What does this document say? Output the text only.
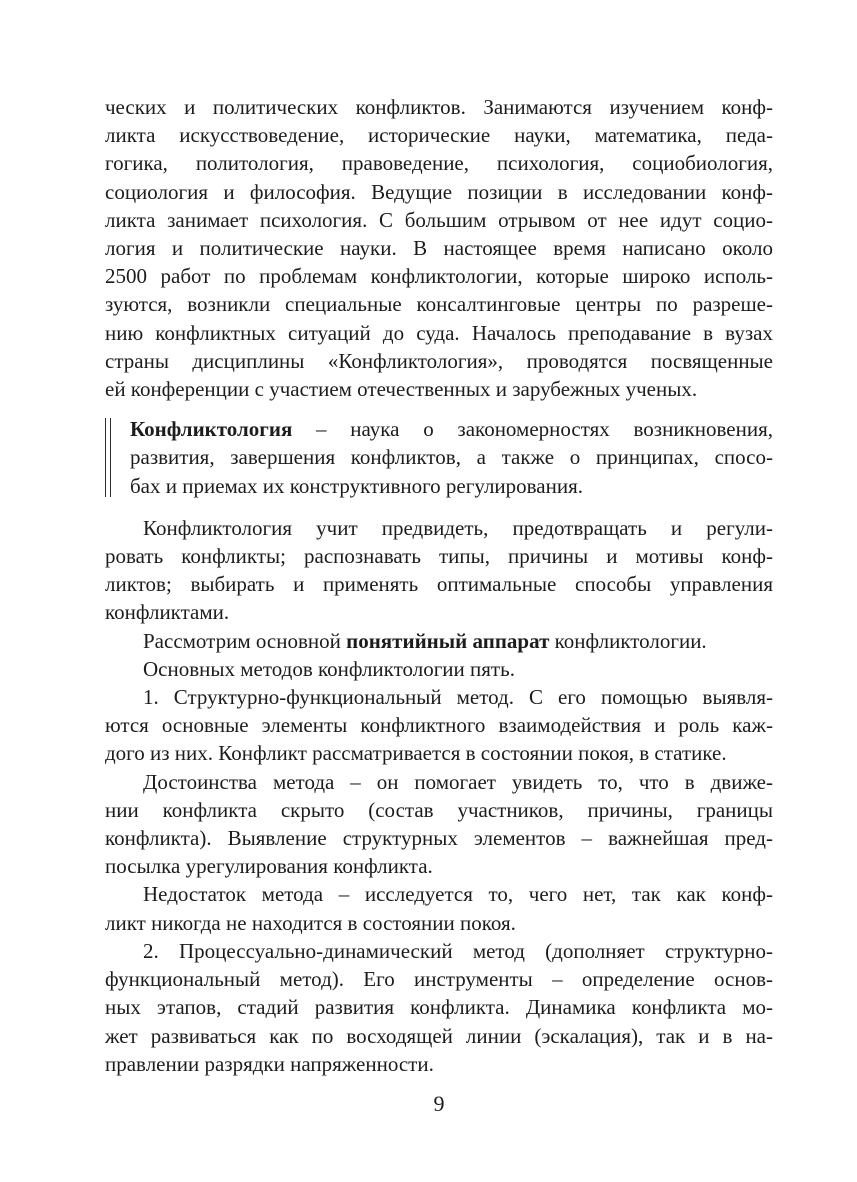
ческих и политических конфликтов. Занимаются изучением конф-
ликта искусствоведение, исторические науки, математика, педа-
гогика, политология, правоведение, психология, социобиология,
социология и философия. Ведущие позиции в исследовании конф-
ликта занимает психология. С большим отрывом от нее идут социо-
логия и политические науки. В настоящее время написано около
2500 работ по проблемам конфликтологии, которые широко исполь-
зуются, возникли специальные консалтинговые центры по разреше-
нию конфликтных ситуаций до суда. Началось преподавание в вузах
страны дисциплины «Конфликтология», проводятся посвященные
ей конференции с участием отечественных и зарубежных ученых.
Конфликтология – наука о закономерностях возникновения,
развития, завершения конфликтов, а также о принципах, спосо-
бах и приемах их конструктивного регулирования.
Конфликтология учит предвидеть, предотвращать и регули-
ровать конфликты; распознавать типы, причины и мотивы конф-
ликтов; выбирать и применять оптимальные способы управления
конфликтами.
Рассмотрим основной понятийный аппарат конфликтологии.
Основных методов конфликтологии пять.
1. Структурно-функциональный метод. С его помощью выявля-
ются основные элементы конфликтного взаимодействия и роль каж-
дого из них. Конфликт рассматривается в состоянии покоя, в статике.
Достоинства метода – он помогает увидеть то, что в движе-
нии конфликта скрыто (состав участников, причины, границы
конфликта). Выявление структурных элементов – важнейшая пред-
посылка урегулирования конфликта.
Недостаток метода – исследуется то, чего нет, так как конф-
ликт никогда не находится в состоянии покоя.
2. Процессуально-динамический метод (дополняет структурно-
функциональный метод). Его инструменты – определение основ-
ных этапов, стадий развития конфликта. Динамика конфликта мо-
жет развиваться как по восходящей линии (эскалация), так и в на-
правлении разрядки напряженности.
9
